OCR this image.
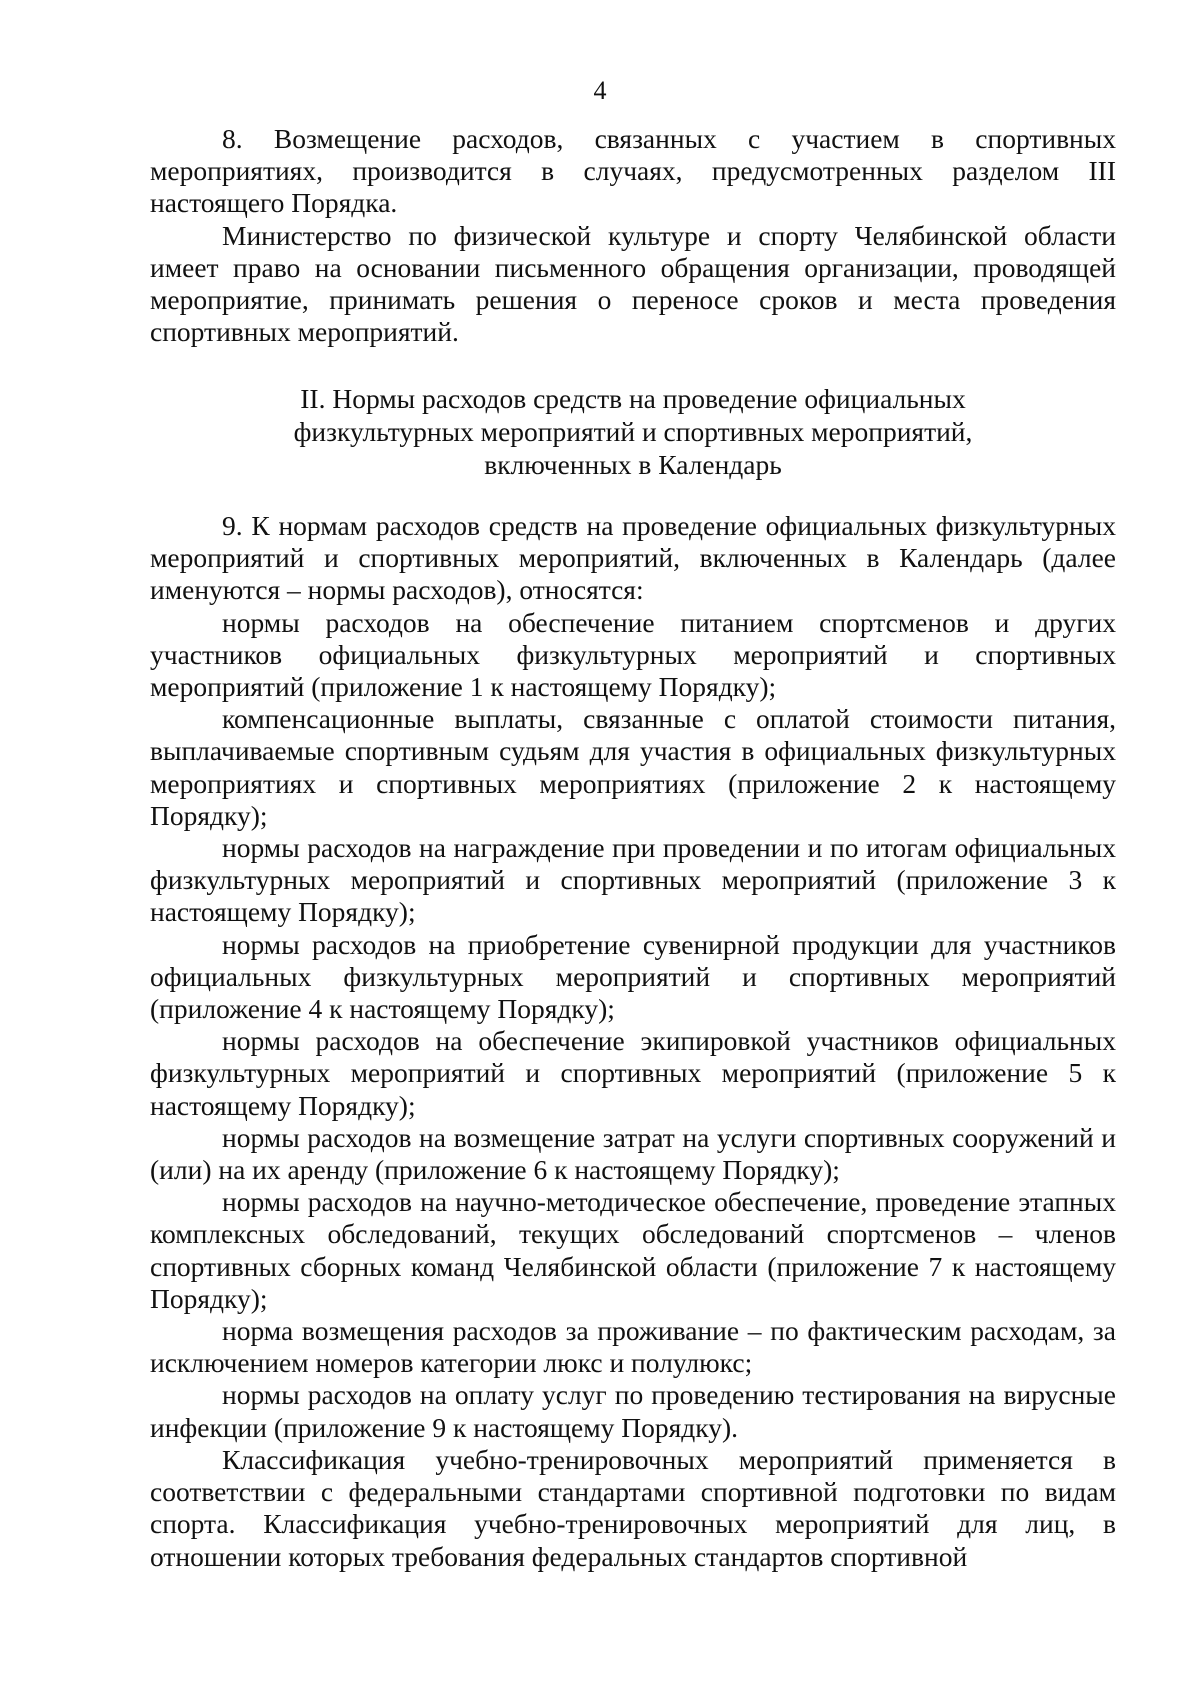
4

8. Возмещение расходов, связанных с участием в спортивных мероприятиях, производится в случаях, предусмотренных разделом III настоящего Порядка.

Министерство по физической культуре и спорту Челябинской области имеет право на основании письменного обращения организации, проводящей мероприятие, принимать решения о переносе сроков и места проведения спортивных мероприятий.

II. Нормы расходов средств на проведение официальных
физкультурных мероприятий и спортивных мероприятий,
включенных в Календарь

9. К нормам расходов средств на проведение официальных физкультурных мероприятий и спортивных мероприятий, включенных в Календарь (далее именуются – нормы расходов), относятся:

нормы расходов на обеспечение питанием спортсменов и других участников официальных физкультурных мероприятий и спортивных мероприятий (приложение 1 к настоящему Порядку);

компенсационные выплаты, связанные с оплатой стоимости питания, выплачиваемые спортивным судьям для участия в официальных физкультурных мероприятиях и спортивных мероприятиях (приложение 2 к настоящему Порядку);

нормы расходов на награждение при проведении и по итогам официальных физкультурных мероприятий и спортивных мероприятий (приложение 3 к настоящему Порядку);

нормы расходов на приобретение сувенирной продукции для участников официальных физкультурных мероприятий и спортивных мероприятий (приложение 4 к настоящему Порядку);

нормы расходов на обеспечение экипировкой участников официальных физкультурных мероприятий и спортивных мероприятий (приложение 5 к настоящему Порядку);

нормы расходов на возмещение затрат на услуги спортивных сооружений и (или) на их аренду (приложение 6 к настоящему Порядку);

нормы расходов на научно-методическое обеспечение, проведение этапных комплексных обследований, текущих обследований спортсменов – членов спортивных сборных команд Челябинской области (приложение 7 к настоящему Порядку);

норма возмещения расходов за проживание – по фактическим расходам, за исключением номеров категории люкс и полулюкс;

нормы расходов на оплату услуг по проведению тестирования на вирусные инфекции (приложение 9 к настоящему Порядку).

Классификация учебно-тренировочных мероприятий применяется в соответствии с федеральными стандартами спортивной подготовки по видам спорта. Классификация учебно-тренировочных мероприятий для лиц, в отношении которых требования федеральных стандартов спортивной
